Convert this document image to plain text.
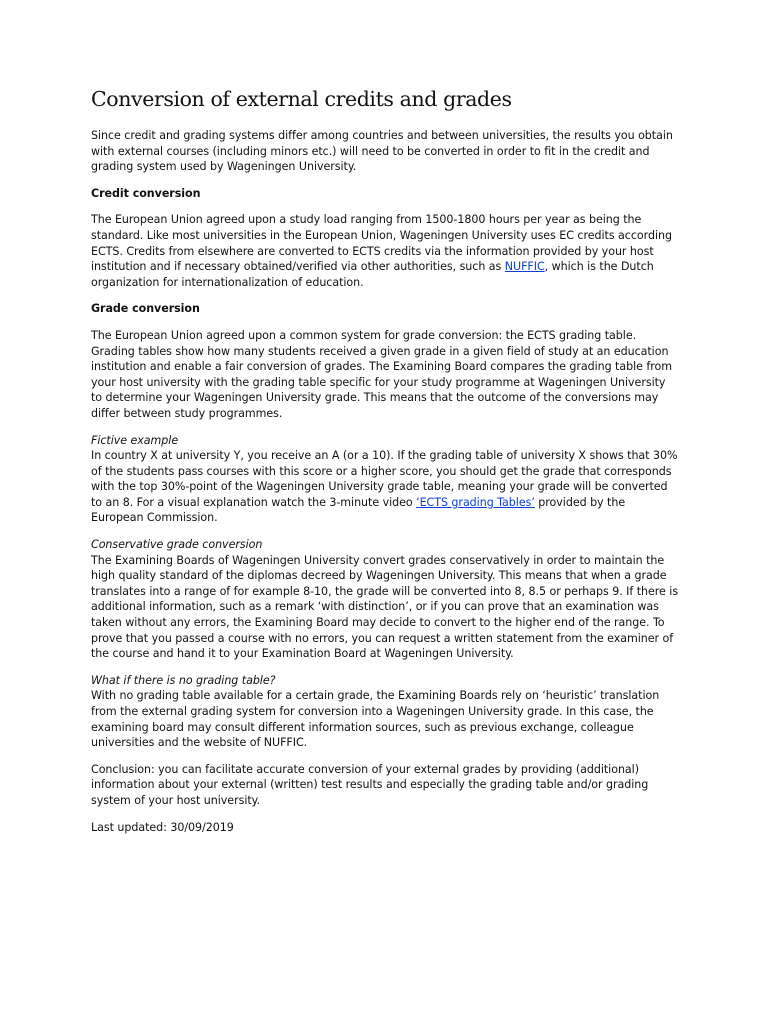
Conversion of external credits and grades

Since credit and grading systems differ among countries and between universities, the results you obtain with external courses (including minors etc.) will need to be converted in order to fit in the credit and grading system used by Wageningen University.

Credit conversion

The European Union agreed upon a study load ranging from 1500-1800 hours per year as being the standard. Like most universities in the European Union, Wageningen University uses EC credits according ECTS. Credits from elsewhere are converted to ECTS credits via the information provided by your host institution and if necessary obtained/verified via other authorities, such as NUFFIC, which is the Dutch organization for internationalization of education.

Grade conversion

The European Union agreed upon a common system for grade conversion: the ECTS grading table. Grading tables show how many students received a given grade in a given field of study at an education institution and enable a fair conversion of grades. The Examining Board compares the grading table from your host university with the grading table specific for your study programme at Wageningen University to determine your Wageningen University grade. This means that the outcome of the conversions may differ between study programmes.

Fictive example
In country X at university Y, you receive an A (or a 10). If the grading table of university X shows that 30% of the students pass courses with this score or a higher score, you should get the grade that corresponds with the top 30%-point of the Wageningen University grade table, meaning your grade will be converted to an 8. For a visual explanation watch the 3-minute video ‘ECTS grading Tables’ provided by the European Commission.

Conservative grade conversion
The Examining Boards of Wageningen University convert grades conservatively in order to maintain the high quality standard of the diplomas decreed by Wageningen University. This means that when a grade translates into a range of for example 8-10, the grade will be converted into 8, 8.5 or perhaps 9. If there is additional information, such as a remark ‘with distinction’, or if you can prove that an examination was taken without any errors, the Examining Board may decide to convert to the higher end of the range. To prove that you passed a course with no errors, you can request a written statement from the examiner of the course and hand it to your Examination Board at Wageningen University.

What if there is no grading table?
With no grading table available for a certain grade, the Examining Boards rely on ‘heuristic’ translation from the external grading system for conversion into a Wageningen University grade. In this case, the examining board may consult different information sources, such as previous exchange, colleague universities and the website of NUFFIC.

Conclusion: you can facilitate accurate conversion of your external grades by providing (additional) information about your external (written) test results and especially the grading table and/or grading system of your host university.

Last updated: 30/09/2019
